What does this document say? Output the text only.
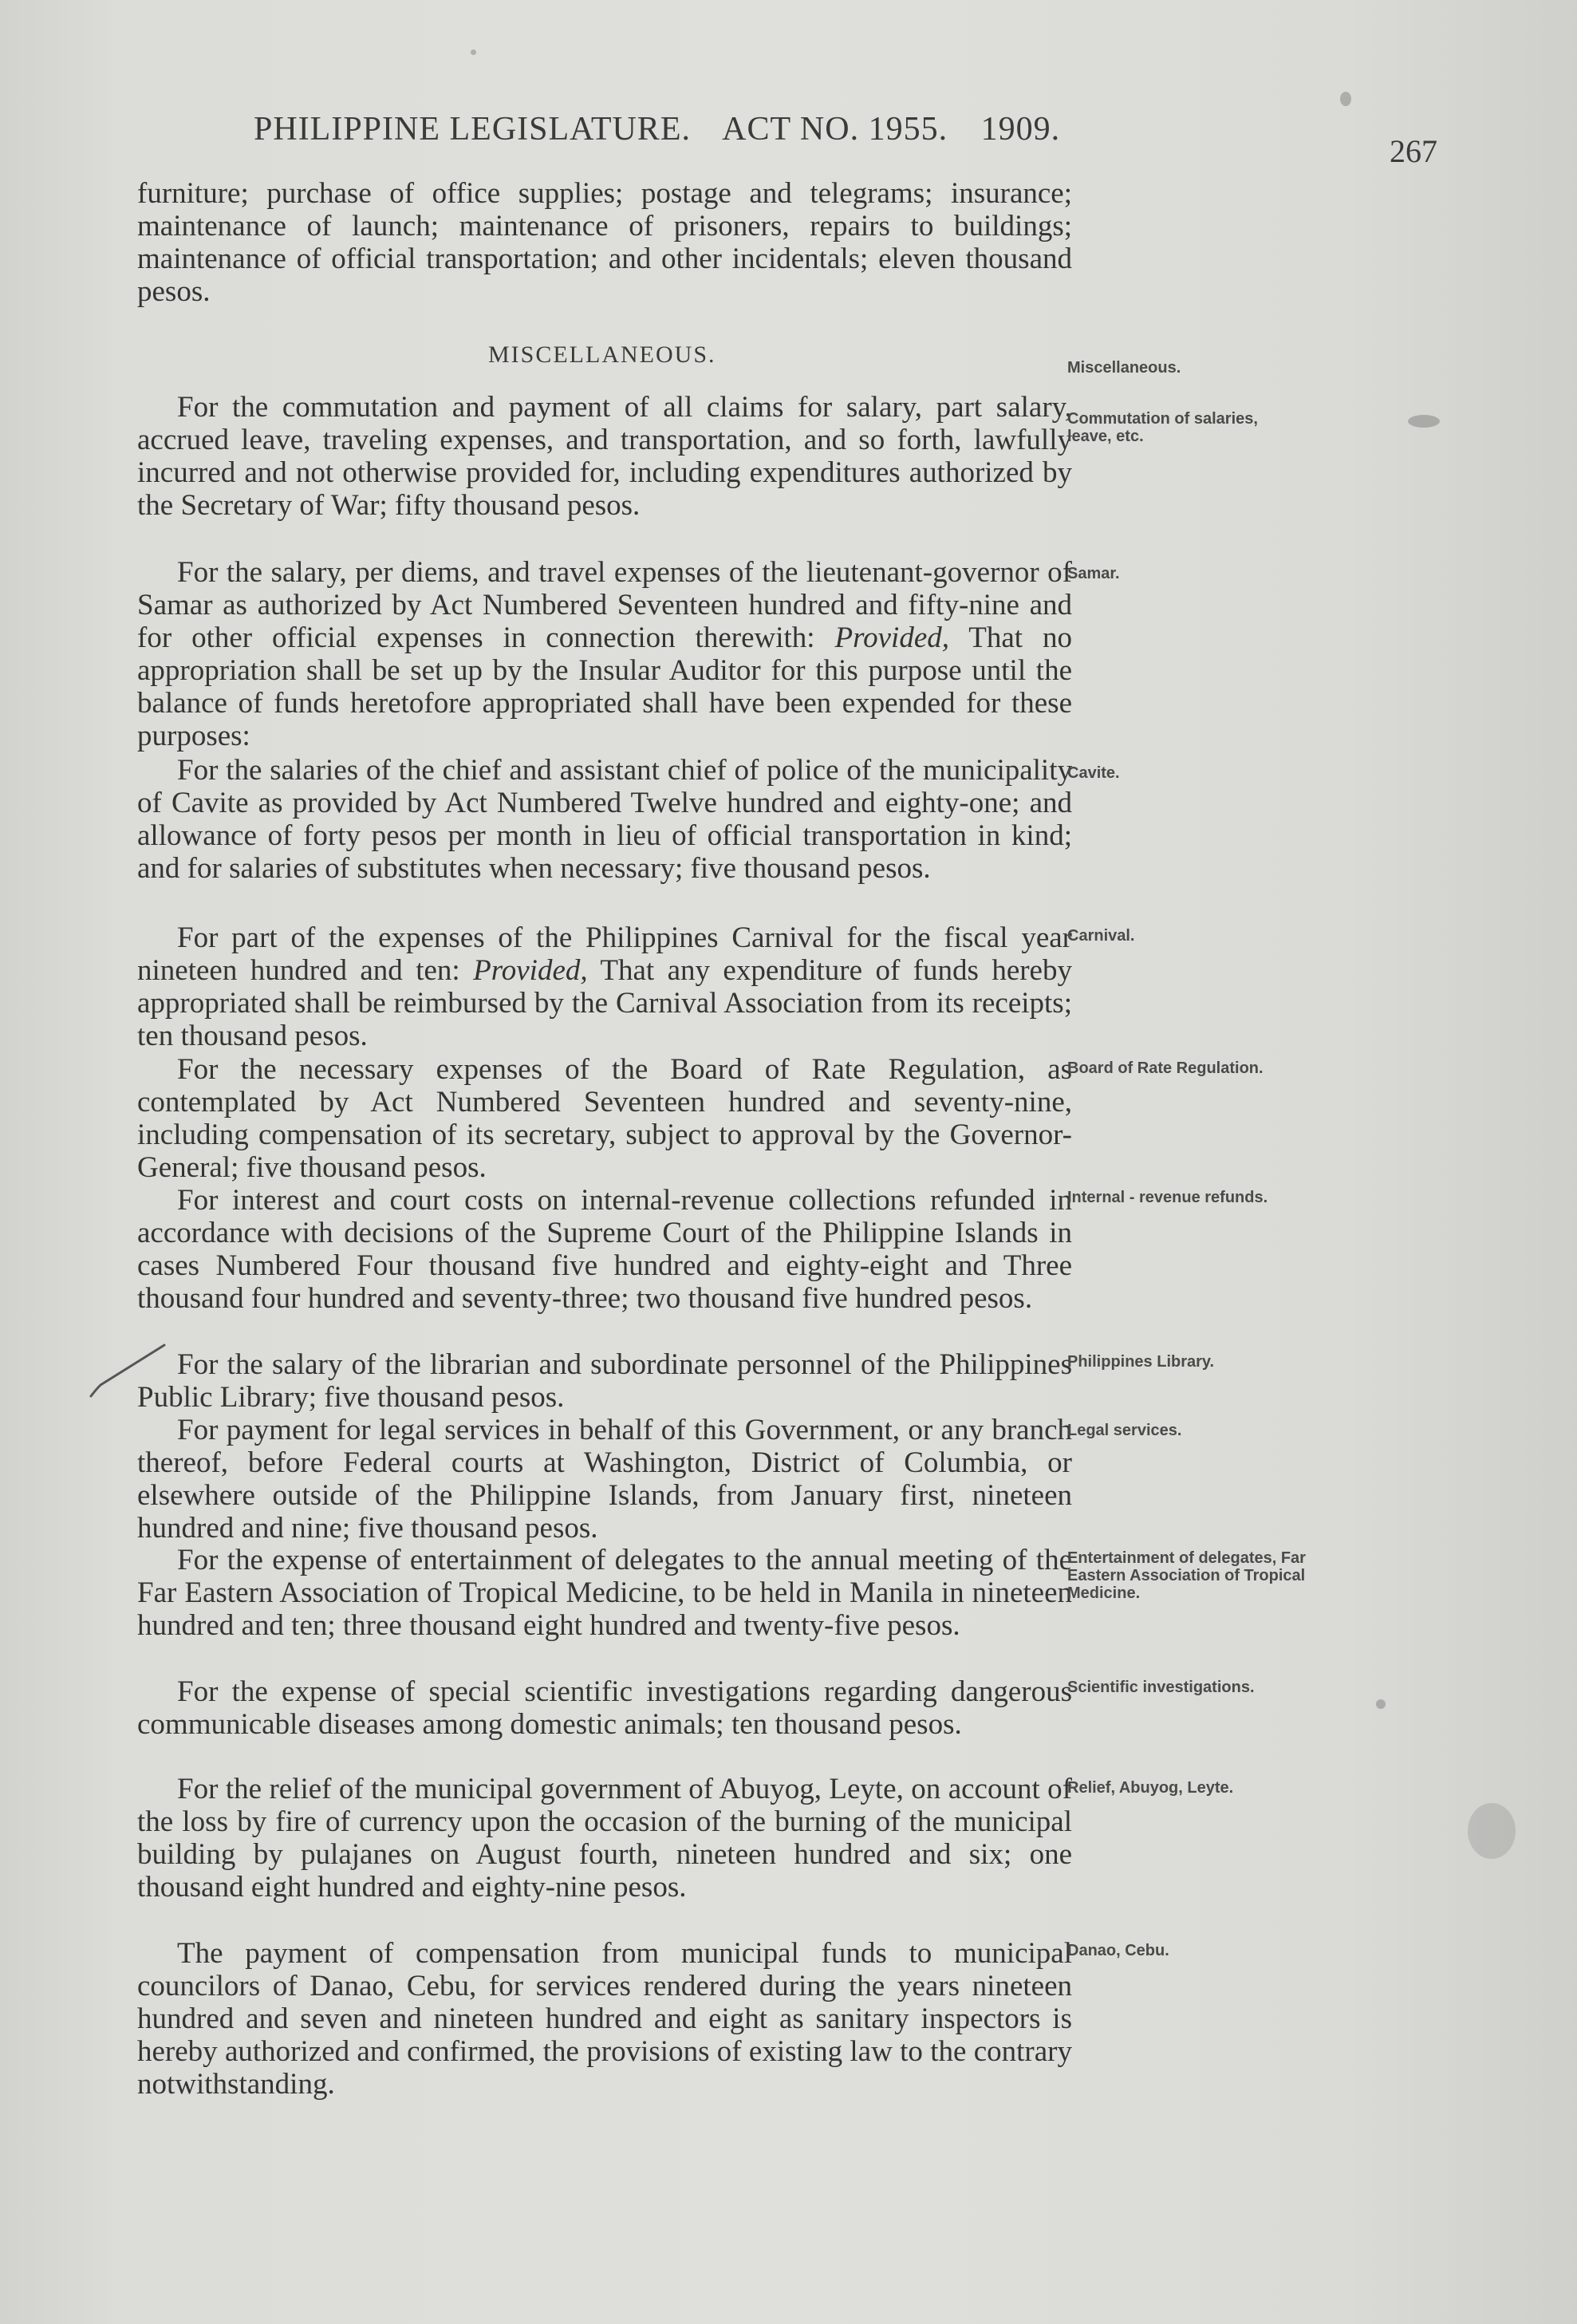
PHILIPPINE LEGISLATURE. ACT NO. 1955. 1909.
267
furniture; purchase of office supplies; postage and telegrams; insurance; maintenance of launch; maintenance of prisoners, repairs to buildings; maintenance of official transportation; and other incidentals; eleven thousand pesos.
MISCELLANEOUS.	Miscellaneous.
For the commutation and payment of all claims for salary, part salary, accrued leave, traveling expenses, and transportation, and so forth, lawfully incurred and not otherwise provided for, including expenditures authorized by the Secretary of War; fifty thousand pesos.
Commutation of salaries, leave, etc.
For the salary, per diems, and travel expenses of the lieutenant-governor of Samar as authorized by Act Numbered Seventeen hundred and fifty-nine and for other official expenses in connection therewith: Provided, That no appropriation shall be set up by the Insular Auditor for this purpose until the balance of funds heretofore appropriated shall have been expended for these purposes:
Samar.
For the salaries of the chief and assistant chief of police of the municipality of Cavite as provided by Act Numbered Twelve hundred and eighty-one; and allowance of forty pesos per month in lieu of official transportation in kind; and for salaries of substitutes when necessary; five thousand pesos.
Cavite.
For part of the expenses of the Philippines Carnival for the fiscal year nineteen hundred and ten: Provided, That any expenditure of funds hereby appropriated shall be reimbursed by the Carnival Association from its receipts; ten thousand pesos.
Carnival.
For the necessary expenses of the Board of Rate Regulation, as contemplated by Act Numbered Seventeen hundred and seventy-nine, including compensation of its secretary, subject to approval by the Governor-General; five thousand pesos.
Board of Rate Regulation.
For interest and court costs on internal-revenue collections refunded in accordance with decisions of the Supreme Court of the Philippine Islands in cases Numbered Four thousand five hundred and eighty-eight and Three thousand four hundred and seventy-three; two thousand five hundred pesos.
Internal - revenue refunds.
For the salary of the librarian and subordinate personnel of the Philippines Public Library; five thousand pesos.
Philippines Library.
For payment for legal services in behalf of this Government, or any branch thereof, before Federal courts at Washington, District of Columbia, or elsewhere outside of the Philippine Islands, from January first, nineteen hundred and nine; five thousand pesos.
Legal services.
For the expense of entertainment of delegates to the annual meeting of the Far Eastern Association of Tropical Medicine, to be held in Manila in nineteen hundred and ten; three thousand eight hundred and twenty-five pesos.
Entertainment of delegates, Far Eastern Association of Tropical Medicine.
For the expense of special scientific investigations regarding dangerous communicable diseases among domestic animals; ten thousand pesos.
Scientific investigations.
For the relief of the municipal government of Abuyog, Leyte, on account of the loss by fire of currency upon the occasion of the burning of the municipal building by pulajanes on August fourth, nineteen hundred and six; one thousand eight hundred and eighty-nine pesos.
Relief, Abuyog, Leyte.
The payment of compensation from municipal funds to municipal councilors of Danao, Cebu, for services rendered during the years nineteen hundred and seven and nineteen hundred and eight as sanitary inspectors is hereby authorized and confirmed, the provisions of existing law to the contrary notwithstanding.
Danao, Cebu.
